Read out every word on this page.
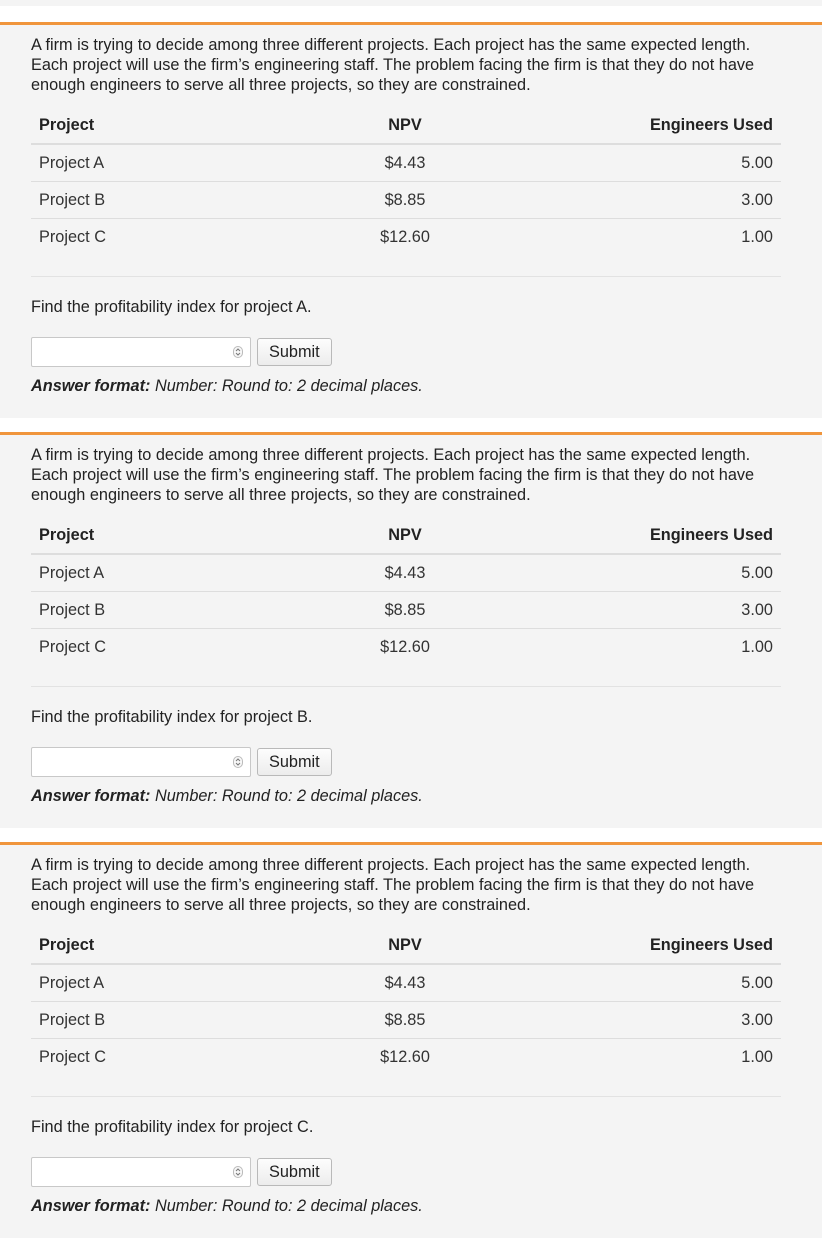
A firm is trying to decide among three different projects. Each project has the same expected length. Each project will use the firm’s engineering staff. The problem facing the firm is that they do not have enough engineers to serve all three projects, so they are constrained.

Project	NPV	Engineers Used
Project A	$4.43	5.00
Project B	$8.85	3.00
Project C	$12.60	1.00

Find the profitability index for project A.

Submit

Answer format: Number: Round to: 2 decimal places.

A firm is trying to decide among three different projects. Each project has the same expected length. Each project will use the firm’s engineering staff. The problem facing the firm is that they do not have enough engineers to serve all three projects, so they are constrained.

Project	NPV	Engineers Used
Project A	$4.43	5.00
Project B	$8.85	3.00
Project C	$12.60	1.00

Find the profitability index for project B.

Submit

Answer format: Number: Round to: 2 decimal places.

A firm is trying to decide among three different projects. Each project has the same expected length. Each project will use the firm’s engineering staff. The problem facing the firm is that they do not have enough engineers to serve all three projects, so they are constrained.

Project	NPV	Engineers Used
Project A	$4.43	5.00
Project B	$8.85	3.00
Project C	$12.60	1.00

Find the profitability index for project C.

Submit

Answer format: Number: Round to: 2 decimal places.
